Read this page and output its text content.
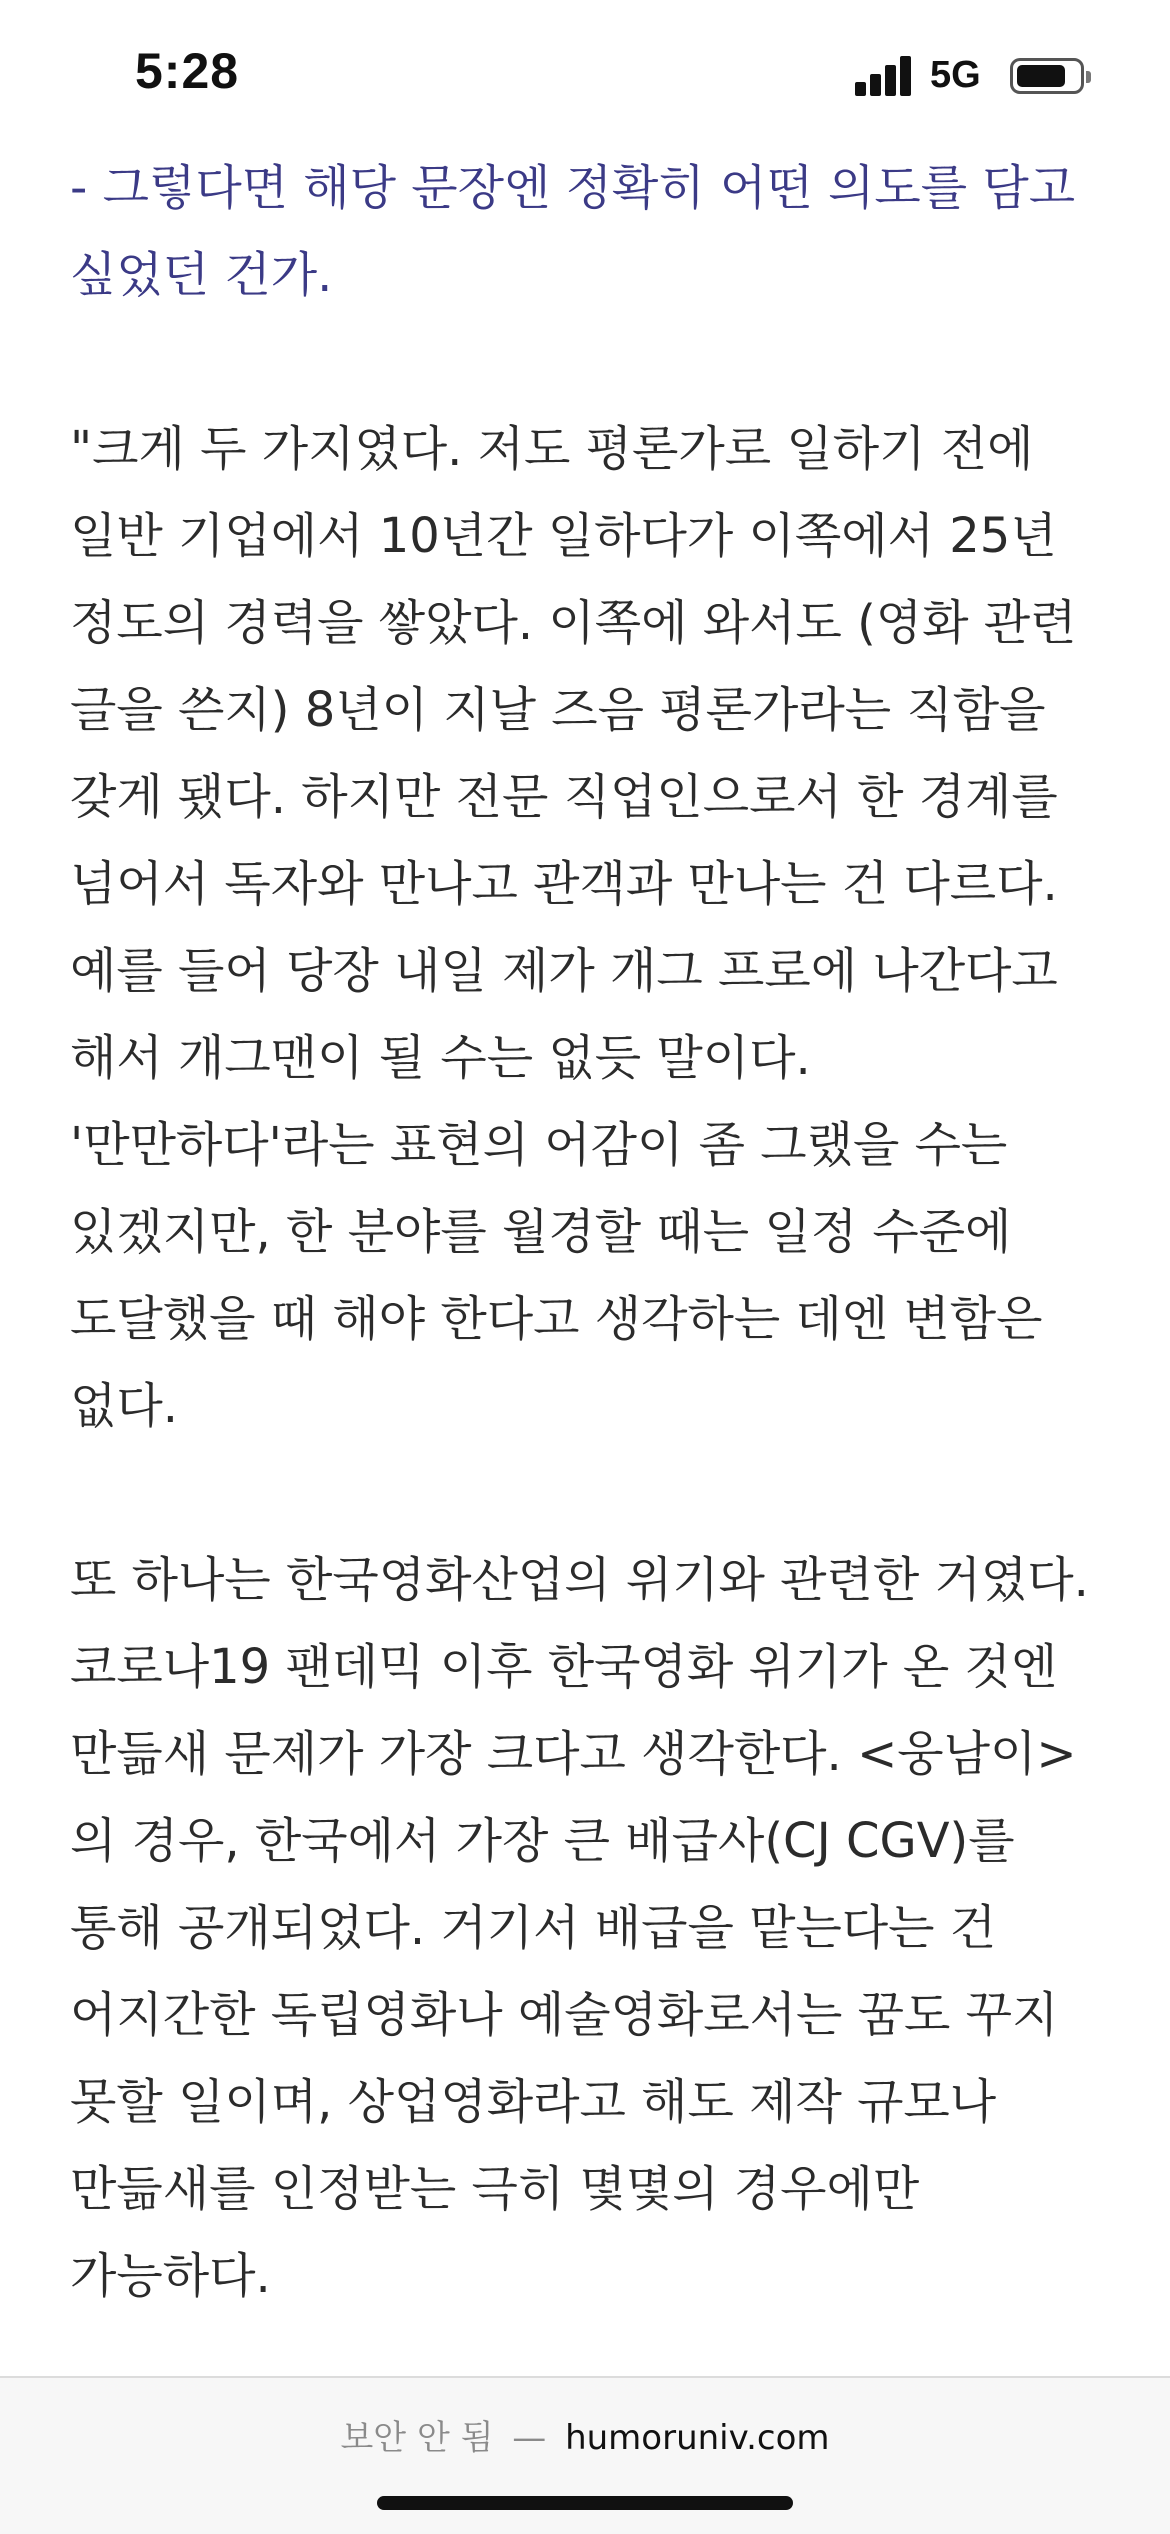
5:28	5G

- 그렇다면 해당 문장엔 정확히 어떤 의도를 담고 싶었던 건가.

"크게 두 가지였다. 저도 평론가로 일하기 전에 일반 기업에서 10년간 일하다가 이쪽에서 25년 정도의 경력을 쌓았다. 이쪽에 와서도 (영화 관련 글을 쓴지) 8년이 지날 즈음 평론가라는 직함을 갖게 됐다. 하지만 전문 직업인으로서 한 경계를 넘어서 독자와 만나고 관객과 만나는 건 다르다. 예를 들어 당장 내일 제가 개그 프로에 나간다고 해서 개그맨이 될 수는 없듯 말이다. '만만하다'라는 표현의 어감이 좀 그랬을 수는 있겠지만, 한 분야를 월경할 때는 일정 수준에 도달했을 때 해야 한다고 생각하는 데엔 변함은 없다.

또 하나는 한국영화산업의 위기와 관련한 거였다. 코로나19 팬데믹 이후 한국영화 위기가 온 것엔 만듦새 문제가 가장 크다고 생각한다. <웅남이>의 경우, 한국에서 가장 큰 배급사(CJ CGV)를 통해 공개되었다. 거기서 배급을 맡는다는 건 어지간한 독립영화나 예술영화로서는 꿈도 꾸지 못할 일이며, 상업영화라고 해도 제작 규모나 만듦새를 인정받는 극히 몇몇의 경우에만 가능하다.

보안 안 됨 — humoruniv.com
